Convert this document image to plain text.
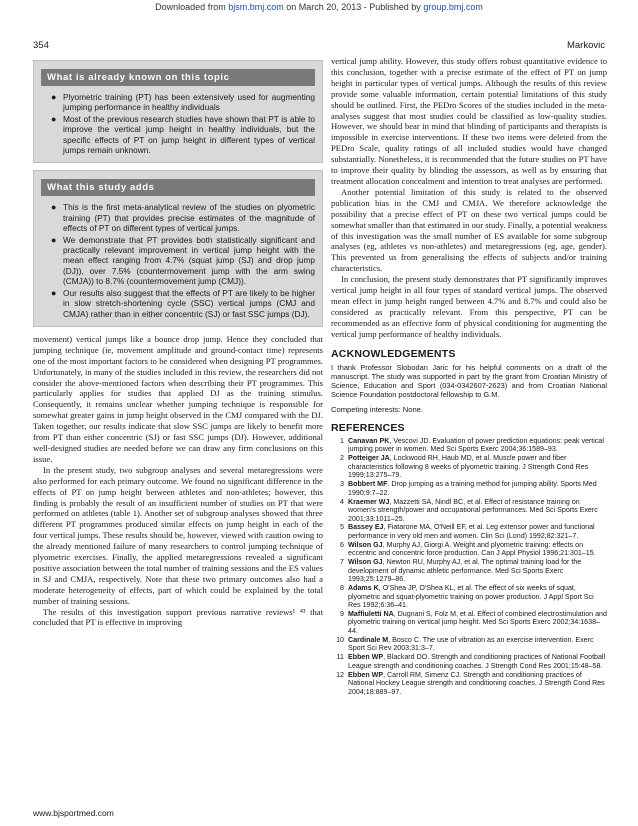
Downloaded from bjsm.bmj.com on March 20, 2013 - Published by group.bmj.com
354	Markovic
What is already known on this topic
● Plyometric training (PT) has been extensively used for augmenting jumping performance in healthy individuals
● Most of the previous research studies have shown that PT is able to improve the vertical jump height in healthy individuals, but the specific effects of PT on jump height in different types of vertical jumps remain unknown.
What this study adds
● This is the first meta-analytical review of the studies on plyometric training (PT) that provides precise estimates of the magnitude of effects of PT on different types of vertical jumps.
● We demonstrate that PT provides both statistically significant and practically relevant improvement in vertical jump height with the mean effect ranging from 4.7% (squat jump (SJ) and drop jump (DJ)), over 7.5% (countermovement jump with the arm swing (CMJA)) to 8.7% (countermovement jump (CMJ)).
● Our results also suggest that the effects of PT are likely to be higher in slow stretch-shortening cycle (SSC) vertical jumps (CMJ and CMJA) rather than in either concentric (SJ) or fast SSC jumps (DJ).

movement) vertical jumps like a bounce drop jump. Hence they concluded that jumping technique (ie, movement amplitude and ground-contact time) represents one of the most important factors to be considered when designing PT programmes. Unfortunately, in many of the studies included in this review, the researchers did not consider the above-mentioned factors when describing their PT programmes. This particularly applies for studies that applied DJ as the training stimulus. Consequently, it remains unclear whether jumping technique is responsible for somewhat greater gains in jump height observed in the CMJ compared with the DJ. Taken together, our results indicate that slow SSC jumps are likely to benefit more from PT than either concentric (SJ) or fast SSC jumps (DJ). However, additional well-designed studies are needed before we can draw any firm conclusions on this issue.

In the present study, two subgroup analyses and several metaregressions were also performed for each primary outcome. We found no significant difference in the effects of PT on jump height between athletes and non-athletes; however, this finding is probably the result of an insufficient number of studies on PT that were performed on athletes (table 1). Another set of subgroup analyses showed that three different PT programmes produced similar effects on jump height in each of the four vertical jumps. These results should be, however, viewed with caution owing to the already mentioned failure of many researchers to control jumping technique of plyometric exercises. Finally, the applied metaregressions revealed a significant positive association between the total number of training sessions and the ES values in SJ and CMJA, respectively. Note that these two primary outcomes also had a moderate heterogeneity of effects, part of which could be explained by the total number of training sessions.

The results of this investigation support previous narrative reviews¹ ⁴³ that concluded that PT is effective in improving

vertical jump ability. However, this study offers robust quantitative evidence to this conclusion, together with a precise estimate of the effect of PT on jump height in particular types of vertical jumps. Although the results of this review provide some valuable information, certain potential limitations of this study should be outlined. First, the PEDro Scores of the studies included in the meta-analyses suggest that most studies could be classified as low-quality studies. However, we should bear in mind that blinding of participants and therapists is impossible in exercise interventions. If these two items were deleted from the PEDro Scale, quality ratings of all included studies would have changed substantially. Nonetheless, it is recommended that the future studies on PT have to improve their quality by blinding the assessors, as well as by ensuring that treatment allocation concealment and intention to treat analyses are performed.

Another potential limitation of this study is related to the observed publication bias in the CMJ and CMJA. We therefore acknowledge the possibility that a precise effect of PT on these two vertical jumps could be somewhat smaller than that estimated in our study. Finally, a potential weakness of this investigation was the small number of ES available for some subgroup analyses (eg, athletes vs non-athletes) and metaregressions (eg, age, gender). This prevented us from generalising the effects of subjects and/or training characteristics.

In conclusion, the present study demonstrates that PT significantly improves vertical jump height in all four types of standard vertical jumps. The observed mean effect in jump height ranged between 4.7% and 8.7% and could also be considered as practically relevant. From this perspective, PT can be recommended as an effective form of physical conditioning for augmenting the vertical jump performance of healthy individuals.

ACKNOWLEDGEMENTS

I thank Professor Slobodan Jaric for his helpful comments on a draft of the manuscript. The study was supported in part by the grant from Croatian Ministry of Science, Education and Sport (034-0342607-2623) and from Croatian National Science Foundation postdoctoral fellowship to G.M.

Competing interests: None.

REFERENCES
1 Canavan PK, Vescovi JD. Evaluation of power prediction equations: peak vertical jumping power in women. Med Sci Sports Exerc 2004;36:1589–93.
2 Potteiger JA, Lockwood RH, Haub MD, et al. Muscle power and fiber characteristics following 8 weeks of plyometric training. J Strength Cond Res 1999;13:275–79.
3 Bobbert MF. Drop jumping as a training method for jumping ability. Sports Med 1990;9:7–22.
4 Kraemer WJ, Mazzetti SA, Nindl BC, et al. Effect of resistance training on women's strength/power and occupational performances. Med Sci Sports Exerc 2001;33:1011–25.
5 Bassey EJ, Fiatarone MA, O'Neill EF, et al. Leg extensor power and functional performance in very old men and women. Clin Sci (Lond) 1992;82:321–7.
6 Wilson GJ, Murphy AJ, Giorgi A. Weight and plyometric training: effects on eccentric and concentric force production. Can J Appl Physiol 1996;21:301–15.
7 Wilson GJ, Newton RU, Murphy AJ, et al. The optimal training load for the development of dynamic athletic performance. Med Sci Sports Exerc 1993;25:1279–86.
8 Adams K, O'Shea JP, O'Shea KL, et al. The effect of six weeks of squat, plyometric and squat-plyometric training on power production. J Appl Sport Sci Res 1992;6:36–41.
9 Maffiuletti NA, Dugnani S, Folz M, et al. Effect of combined electrostimulation and plyometric training on vertical jump height. Med Sci Sports Exerc 2002;34:1638–44.
10 Cardinale M, Bosco C. The use of vibration as an exercise intervention. Exerc Sport Sci Rev 2003;31:3–7.
11 Ebben WP, Blackard DO. Strength and conditioning practices of National Football League strength and conditioning coaches. J Strength Cond Res 2001;15:48–58.
12 Ebben WP, Carroll RM, Simenz CJ. Strength and conditioning practices of National Hockey League strength and conditioning coaches. J Strength Cond Res 2004;18:889–97.
www.bjsportmed.com
